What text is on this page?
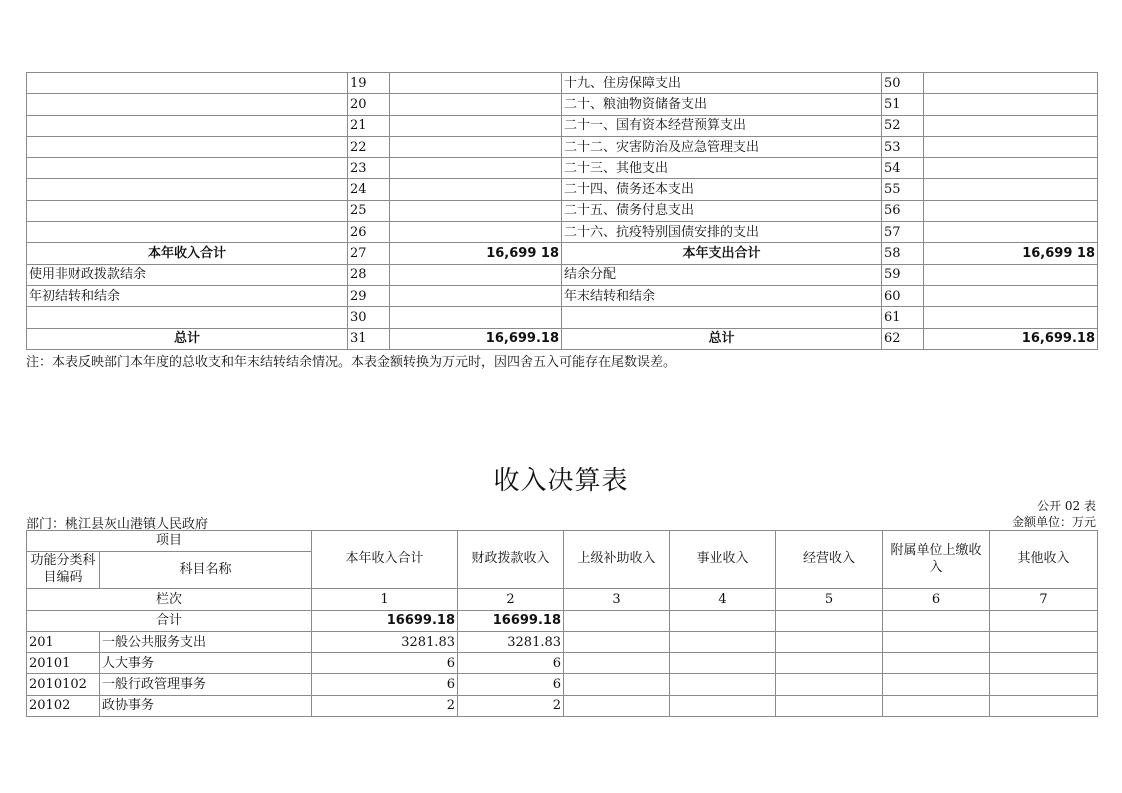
	19		十九、住房保障支出	50	
	20		二十、粮油物资储备支出	51	
	21		二十一、国有资本经营预算支出	52	
	22		二十二、灾害防治及应急管理支出	53	
	23		二十三、其他支出	54	
	24		二十四、债务还本支出	55	
	25		二十五、债务付息支出	56	
	26		二十六、抗疫特别国债安排的支出	57	
本年收入合计	27	16,699 18	本年支出合计	58	16,699 18
使用非财政拨款结余	28		结余分配	59	
年初结转和结余	29		年末结转和结余	60	
	30			61	
总计	31	16,699.18	总计	62	16,699.18
注：本表反映部门本年度的总收支和年末结转结余情况。本表金额转换为万元时，因四舍五入可能存在尾数误差。
收入决算表
公开 02 表
部门：桃江县灰山港镇人民政府	金额单位：万元
项目		本年收入合计	财政拨款收入	上级补助收入	事业收入	经营收入	附属单位上缴收入	其他收入
功能分类科目编码	科目名称							
栏次		1	2	3	4	5	6	7
合计		16699.18	16699.18					
201	一般公共服务支出	3281.83	3281.83					
20101	人大事务	6	6					
2010102	一般行政管理事务	6	6					
20102	政协事务	2	2					
